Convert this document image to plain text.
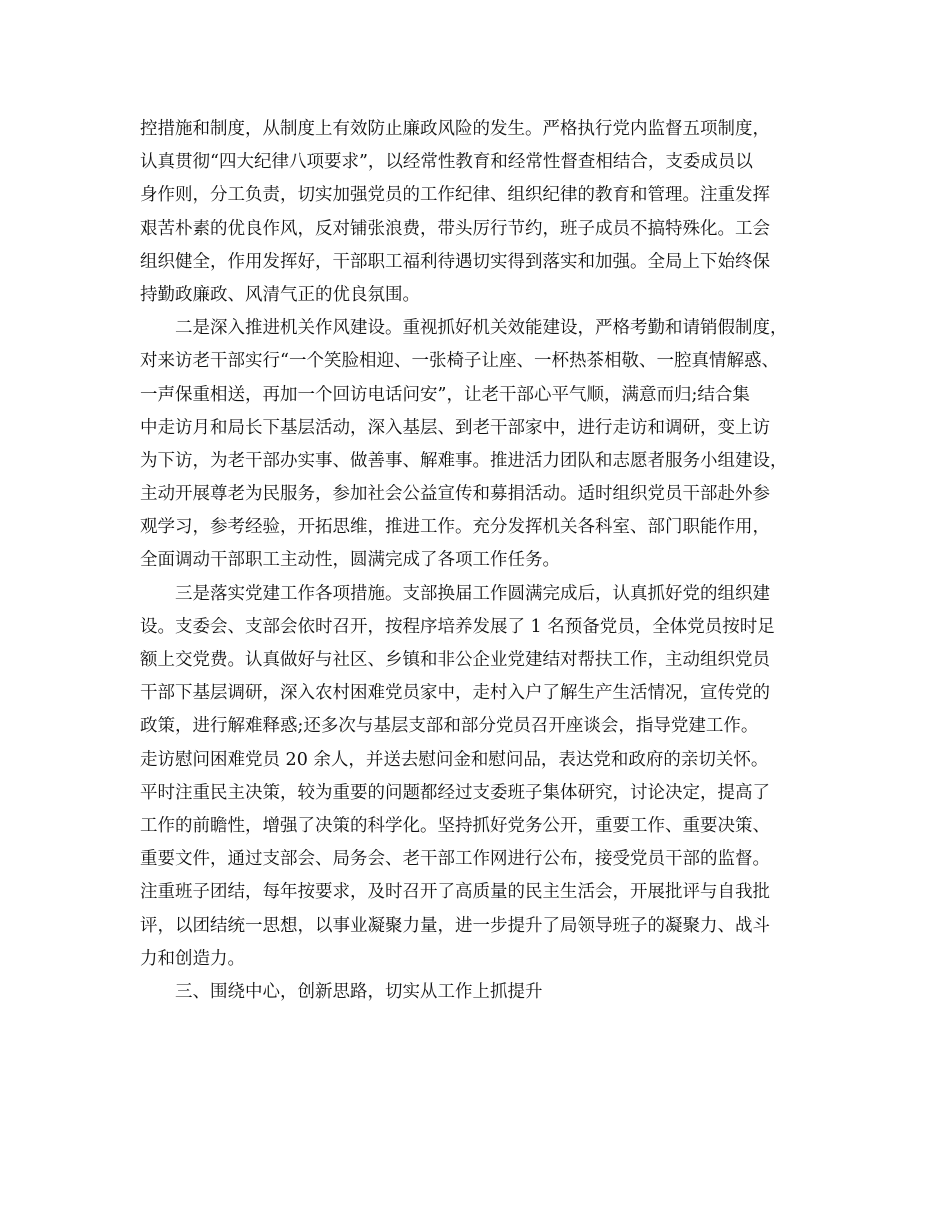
控措施和制度，从制度上有效防止廉政风险的发生。严格执行党内监督五项制度，
认真贯彻“四大纪律八项要求”，以经常性教育和经常性督查相结合，支委成员以
身作则，分工负责，切实加强党员的工作纪律、组织纪律的教育和管理。注重发挥
艰苦朴素的优良作风，反对铺张浪费，带头厉行节约，班子成员不搞特殊化。工会
组织健全，作用发挥好，干部职工福利待遇切实得到落实和加强。全局上下始终保
持勤政廉政、风清气正的优良氛围。
二是深入推进机关作风建设。重视抓好机关效能建设，严格考勤和请销假制度，
对来访老干部实行“一个笑脸相迎、一张椅子让座、一杯热茶相敬、一腔真情解惑、
一声保重相送，再加一个回访电话问安”，让老干部心平气顺，满意而归;结合集
中走访月和局长下基层活动，深入基层、到老干部家中，进行走访和调研，变上访
为下访，为老干部办实事、做善事、解难事。推进活力团队和志愿者服务小组建设，
主动开展尊老为民服务，参加社会公益宣传和募捐活动。适时组织党员干部赴外参
观学习，参考经验，开拓思维，推进工作。充分发挥机关各科室、部门职能作用，
全面调动干部职工主动性，圆满完成了各项工作任务。
三是落实党建工作各项措施。支部换届工作圆满完成后，认真抓好党的组织建
设。支委会、支部会依时召开，按程序培养发展了 1 名预备党员，全体党员按时足
额上交党费。认真做好与社区、乡镇和非公企业党建结对帮扶工作，主动组织党员
干部下基层调研，深入农村困难党员家中，走村入户了解生产生活情况，宣传党的
政策，进行解难释惑;还多次与基层支部和部分党员召开座谈会，指导党建工作。
走访慰问困难党员 20 余人，并送去慰问金和慰问品，表达党和政府的亲切关怀。
平时注重民主决策，较为重要的问题都经过支委班子集体研究，讨论决定，提高了
工作的前瞻性，增强了决策的科学化。坚持抓好党务公开，重要工作、重要决策、
重要文件，通过支部会、局务会、老干部工作网进行公布，接受党员干部的监督。
注重班子团结，每年按要求，及时召开了高质量的民主生活会，开展批评与自我批
评，以团结统一思想，以事业凝聚力量，进一步提升了局领导班子的凝聚力、战斗
力和创造力。
三、围绕中心，创新思路，切实从工作上抓提升
